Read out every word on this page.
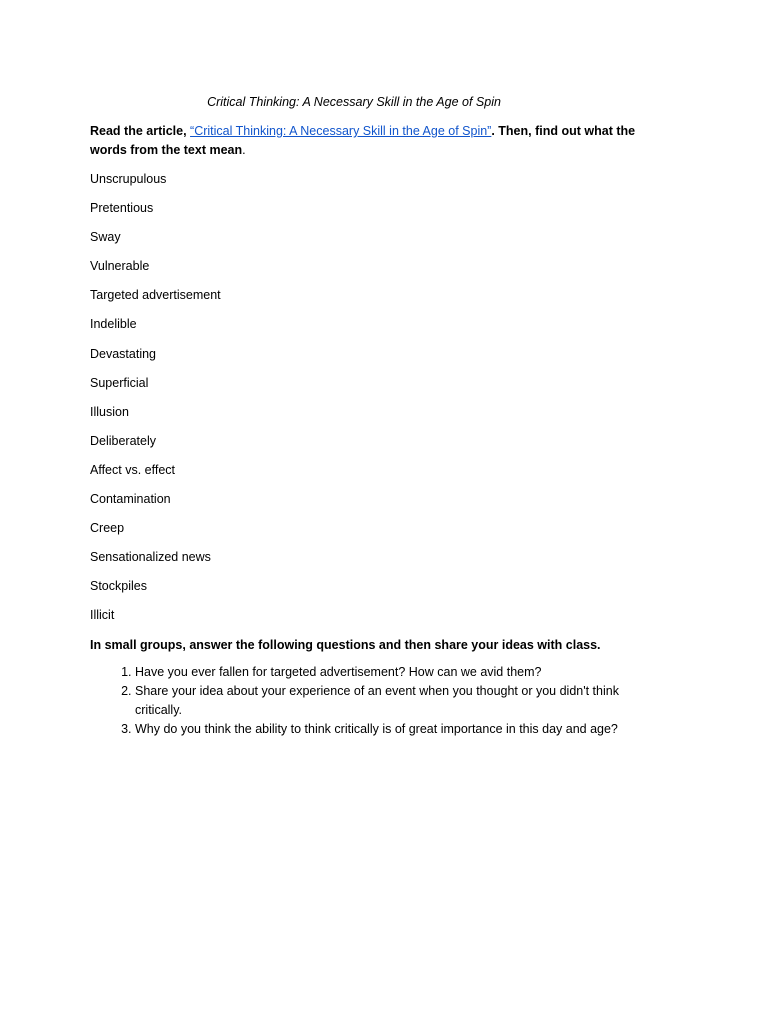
Critical Thinking: A Necessary Skill in the Age of Spin

Read the article, “Critical Thinking: A Necessary Skill in the Age of Spin”. Then, find out what the words from the text mean.

Unscrupulous
Pretentious
Sway
Vulnerable
Targeted advertisement
Indelible
Devastating
Superficial
Illusion
Deliberately
Affect vs. effect
Contamination
Creep
Sensationalized news
Stockpiles
Illicit

In small groups, answer the following questions and then share your ideas with class.

1. Have you ever fallen for targeted advertisement? How can we avid them?
2. Share your idea about your experience of an event when you thought or you didn't think critically.
3. Why do you think the ability to think critically is of great importance in this day and age?
